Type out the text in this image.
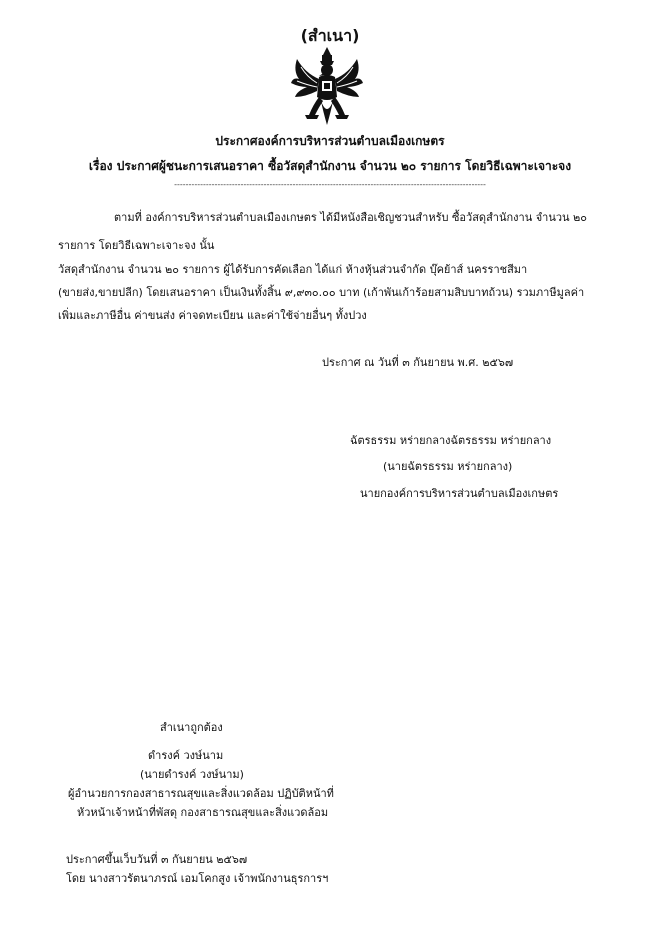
(สำเนา)
ประกาศองค์การบริหารส่วนตำบลเมืองเกษตร
เรื่อง ประกาศผู้ชนะการเสนอราคา ซื้อวัสดุสำนักงาน จำนวน ๒๐ รายการ โดยวิธีเฉพาะเจาะจง
------------------------------------------------------------------------------------------------------------
ตามที่ องค์การบริหารส่วนตำบลเมืองเกษตร ได้มีหนังสือเชิญชวนสำหรับ ซื้อวัสดุสำนักงาน จำนวน ๒๐
รายการ โดยวิธีเฉพาะเจาะจง นั้น
วัสดุสำนักงาน จำนวน ๒๐ รายการ ผู้ได้รับการคัดเลือก ได้แก่ ห้างหุ้นส่วนจำกัด บุ๊คย้าส์ นครราชสีมา
(ขายส่ง,ขายปลีก) โดยเสนอราคา เป็นเงินทั้งสิ้น ๙,๙๓๐.๐๐ บาท (เก้าพันเก้าร้อยสามสิบบาทถ้วน) รวมภาษีมูลค่า
เพิ่มและภาษีอื่น ค่าขนส่ง ค่าจดทะเบียน และค่าใช้จ่ายอื่นๆ ทั้งปวง
ประกาศ ณ วันที่ ๓ กันยายน พ.ศ. ๒๕๖๗
ฉัตรธรรม หร่ายกลางฉัตรธรรม หร่ายกลาง
(นายฉัตรธรรม หร่ายกลาง)
นายกองค์การบริหารส่วนตำบลเมืองเกษตร
สำเนาถูกต้อง
ดำรงค์ วงษ์นาม
(นายดำรงค์ วงษ์นาม)
ผู้อำนวยการกองสาธารณสุขและสิ่งแวดล้อม ปฏิบัติหน้าที่
หัวหน้าเจ้าหน้าที่พัสดุ กองสาธารณสุขและสิ่งแวดล้อม
ประกาศขึ้นเว็บวันที่ ๓ กันยายน ๒๕๖๗
โดย นางสาวรัตนาภรณ์ เอมโคกสูง เจ้าพนักงานธุรการฯ
